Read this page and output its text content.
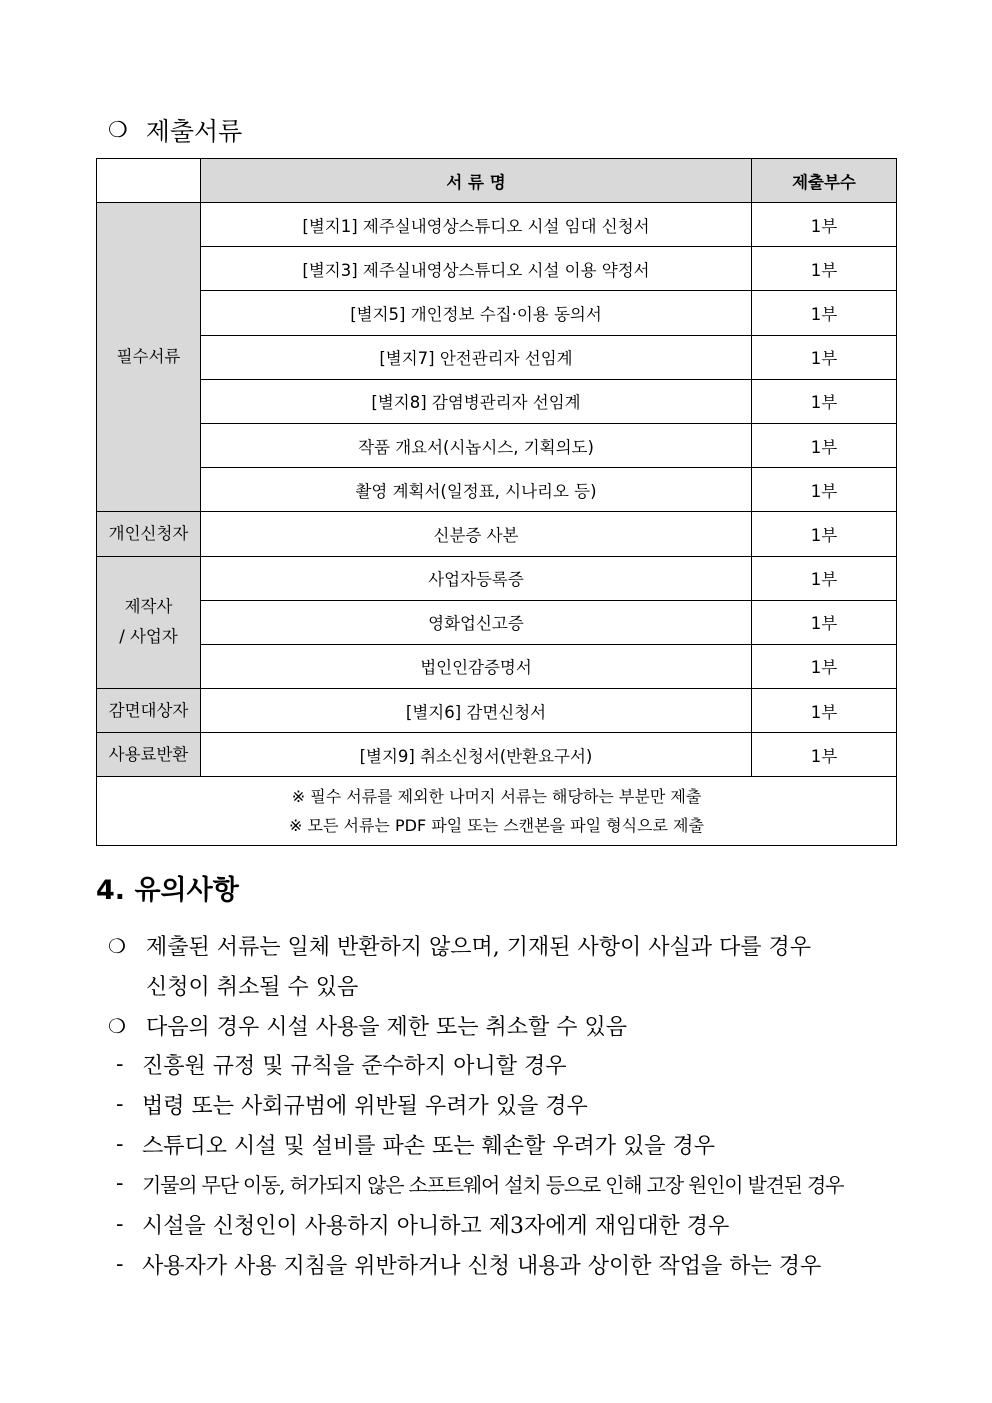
❍ 제출서류
	서 류 명	제출부수

필수서류	[별지1] 제주실내영상스튜디오 시설 임대 신청서	1부
	[별지3] 제주실내영상스튜디오 시설 이용 약정서	1부
	[별지5] 개인정보 수집·이용 동의서	1부
	[별지7] 안전관리자 선임계	1부
	[별지8] 감염병관리자 선임계	1부
	작품 개요서(시놉시스, 기획의도)	1부
	촬영 계획서(일정표, 시나리오 등)	1부

개인신청자	신분증 사본	1부

제작사
/ 사업자	사업자등록증	1부
	영화업신고증	1부
	법인인감증명서	1부

감면대상자	[별지6] 감면신청서	1부

사용료반환	[별지9] 취소신청서(반환요구서)	1부

※ 필수 서류를 제외한 나머지 서류는 해당하는 부분만 제출
※ 모든 서류는 PDF 파일 또는 스캔본을 파일 형식으로 제출		
4. 유의사항
❍ 제출된 서류는 일체 반환하지 않으며, 기재된 사항이 사실과 다를 경우
신청이 취소될 수 있음
❍ 다음의 경우 시설 사용을 제한 또는 취소할 수 있음
- 진흥원 규정 및 규칙을 준수하지 아니할 경우
- 법령 또는 사회규범에 위반될 우려가 있을 경우
- 스튜디오 시설 및 설비를 파손 또는 훼손할 우려가 있을 경우
- 기물의 무단 이동, 허가되지 않은 소프트웨어 설치 등으로 인해 고장 원인이 발견된 경우
- 시설을 신청인이 사용하지 아니하고 제3자에게 재임대한 경우
- 사용자가 사용 지침을 위반하거나 신청 내용과 상이한 작업을 하는 경우
